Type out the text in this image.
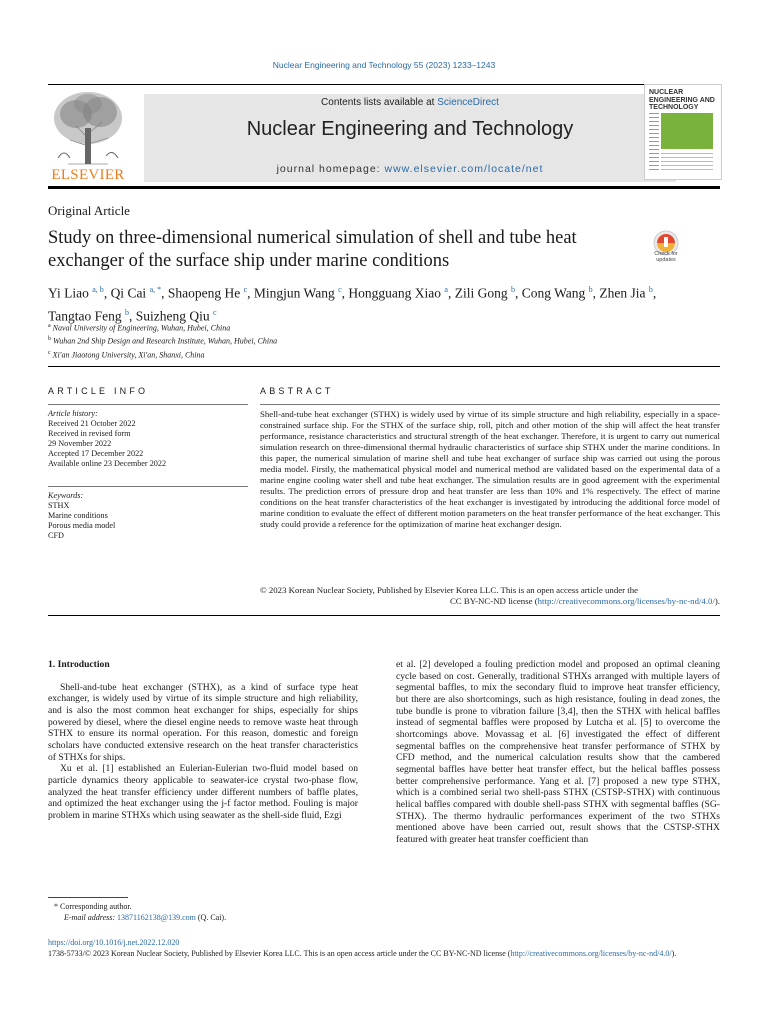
Nuclear Engineering and Technology 55 (2023) 1233–1243
ELSEVIER
Contents lists available at ScienceDirect
Nuclear Engineering and Technology
journal homepage: www.elsevier.com/locate/net
NUCLEAR ENGINEERING AND TECHNOLOGY
Original Article
Study on three-dimensional numerical simulation of shell and tube heat exchanger of the surface ship under marine conditions	Check for updates
Yi Liao $^{a, b}$, Qi Cai $^{a, *}$, Shaopeng He $^c$, Mingjun Wang $^c$, Hongguang Xiao $^a$, Zili Gong $^b$, Cong Wang $^b$, Zhen Jia $^b$, Tangtao Feng $^b$, Suizheng Qiu $^c$
$^a$ Naval University of Engineering, Wuhan, Hubei, China
$^b$ Wuhan 2nd Ship Design and Research Institute, Wuhan, Hubei, China
$^c$ Xi'an Jiaotong University, Xi'an, Shanxi, China
ARTICLE INFO	ABSTRACT
Article history:
Received 21 October 2022
Received in revised form
29 November 2022
Accepted 17 December 2022
Available online 23 December 2022
Keywords:
STHX
Marine conditions
Porous media model
CFD
Shell-and-tube heat exchanger (STHX) is widely used by virtue of its simple structure and high reliability, especially in a space-constrained surface ship. For the STHX of the surface ship, roll, pitch and other motion of the ship will affect the heat transfer performance, resistance characteristics and structural strength of the heat exchanger. Therefore, it is urgent to carry out numerical simulation research on three-dimensional thermal hydraulic characteristics of surface ship STHX under the marine conditions. In this paper, the numerical simulation of marine shell and tube heat exchanger of surface ship was carried out using the porous media model. Firstly, the mathematical physical model and numerical method are validated based on the experimental data of a marine engine cooling water shell and tube heat exchanger. The simulation results are in good agreement with the experimental results. The prediction errors of pressure drop and heat transfer are less than 10% and 1% respectively. The effect of marine conditions on the heat transfer characteristics of the heat exchanger is investigated by introducing the additional force model of marine condition to evaluate the effect of different motion parameters on the heat transfer performance of the heat exchanger. This study could provide a reference for the optimization of marine heat exchanger design.
© 2023 Korean Nuclear Society, Published by Elsevier Korea LLC. This is an open access article under the
CC BY-NC-ND license (http://creativecommons.org/licenses/by-nc-nd/4.0/).

1. Introduction

Shell-and-tube heat exchanger (STHX), as a kind of surface type heat exchanger, is widely used by virtue of its simple structure and high reliability, and is also the most common heat exchanger for ships, especially for ships powered by diesel, where the diesel engine needs to remove waste heat through STHX to ensure its normal operation. For this reason, domestic and foreign scholars have conducted extensive research on the heat transfer characteristics of STHXs for ships.

Xu et al. [1] established an Eulerian-Eulerian two-fluid model based on particle dynamics theory applicable to seawater-ice crystal two-phase flow, analyzed the heat transfer efficiency under different numbers of baffle plates, and optimized the heat exchanger using the j-f factor method. Fouling is major problem in marine STHXs which using seawater as the shell-side fluid, Ezgi

et al. [2] developed a fouling prediction model and proposed an optimal cleaning cycle based on cost. Generally, traditional STHXs arranged with multiple layers of segmental baffles, to mix the secondary fluid to improve heat transfer efficiency, but there are also shortcomings, such as high resistance, fouling in dead zones, the tube bundle is prone to vibration failure [3,4], then the STHX with helical baffles instead of segmental baffles were proposed by Lutcha et al. [5] to overcome the shortcomings above. Movassag et al. [6] investigated the effect of different segmental baffles on the comprehensive heat transfer performance of STHX by CFD method, and the numerical calculation results show that the cambered segmental baffles have better heat transfer effect, but the helical baffles possess better comprehensive performance. Yang et al. [7] proposed a new type STHX, which is a combined serial two shell-pass STHX (CSTSP-STHX) with continuous helical baffles compared with double shell-pass STHX with segmental baffles (SG-STHX). The thermo hydraulic performances experiment of the two STHXs mentioned above have been carried out, result shows that the CSTSP-STHX featured with greater heat transfer coefficient than

* Corresponding author.
E-mail address: 13871162138@139.com (Q. Cai).
https://doi.org/10.1016/j.net.2022.12.020
1738-5733/© 2023 Korean Nuclear Society, Published by Elsevier Korea LLC. This is an open access article under the CC BY-NC-ND license (http://creativecommons.org/licenses/by-nc-nd/4.0/).
